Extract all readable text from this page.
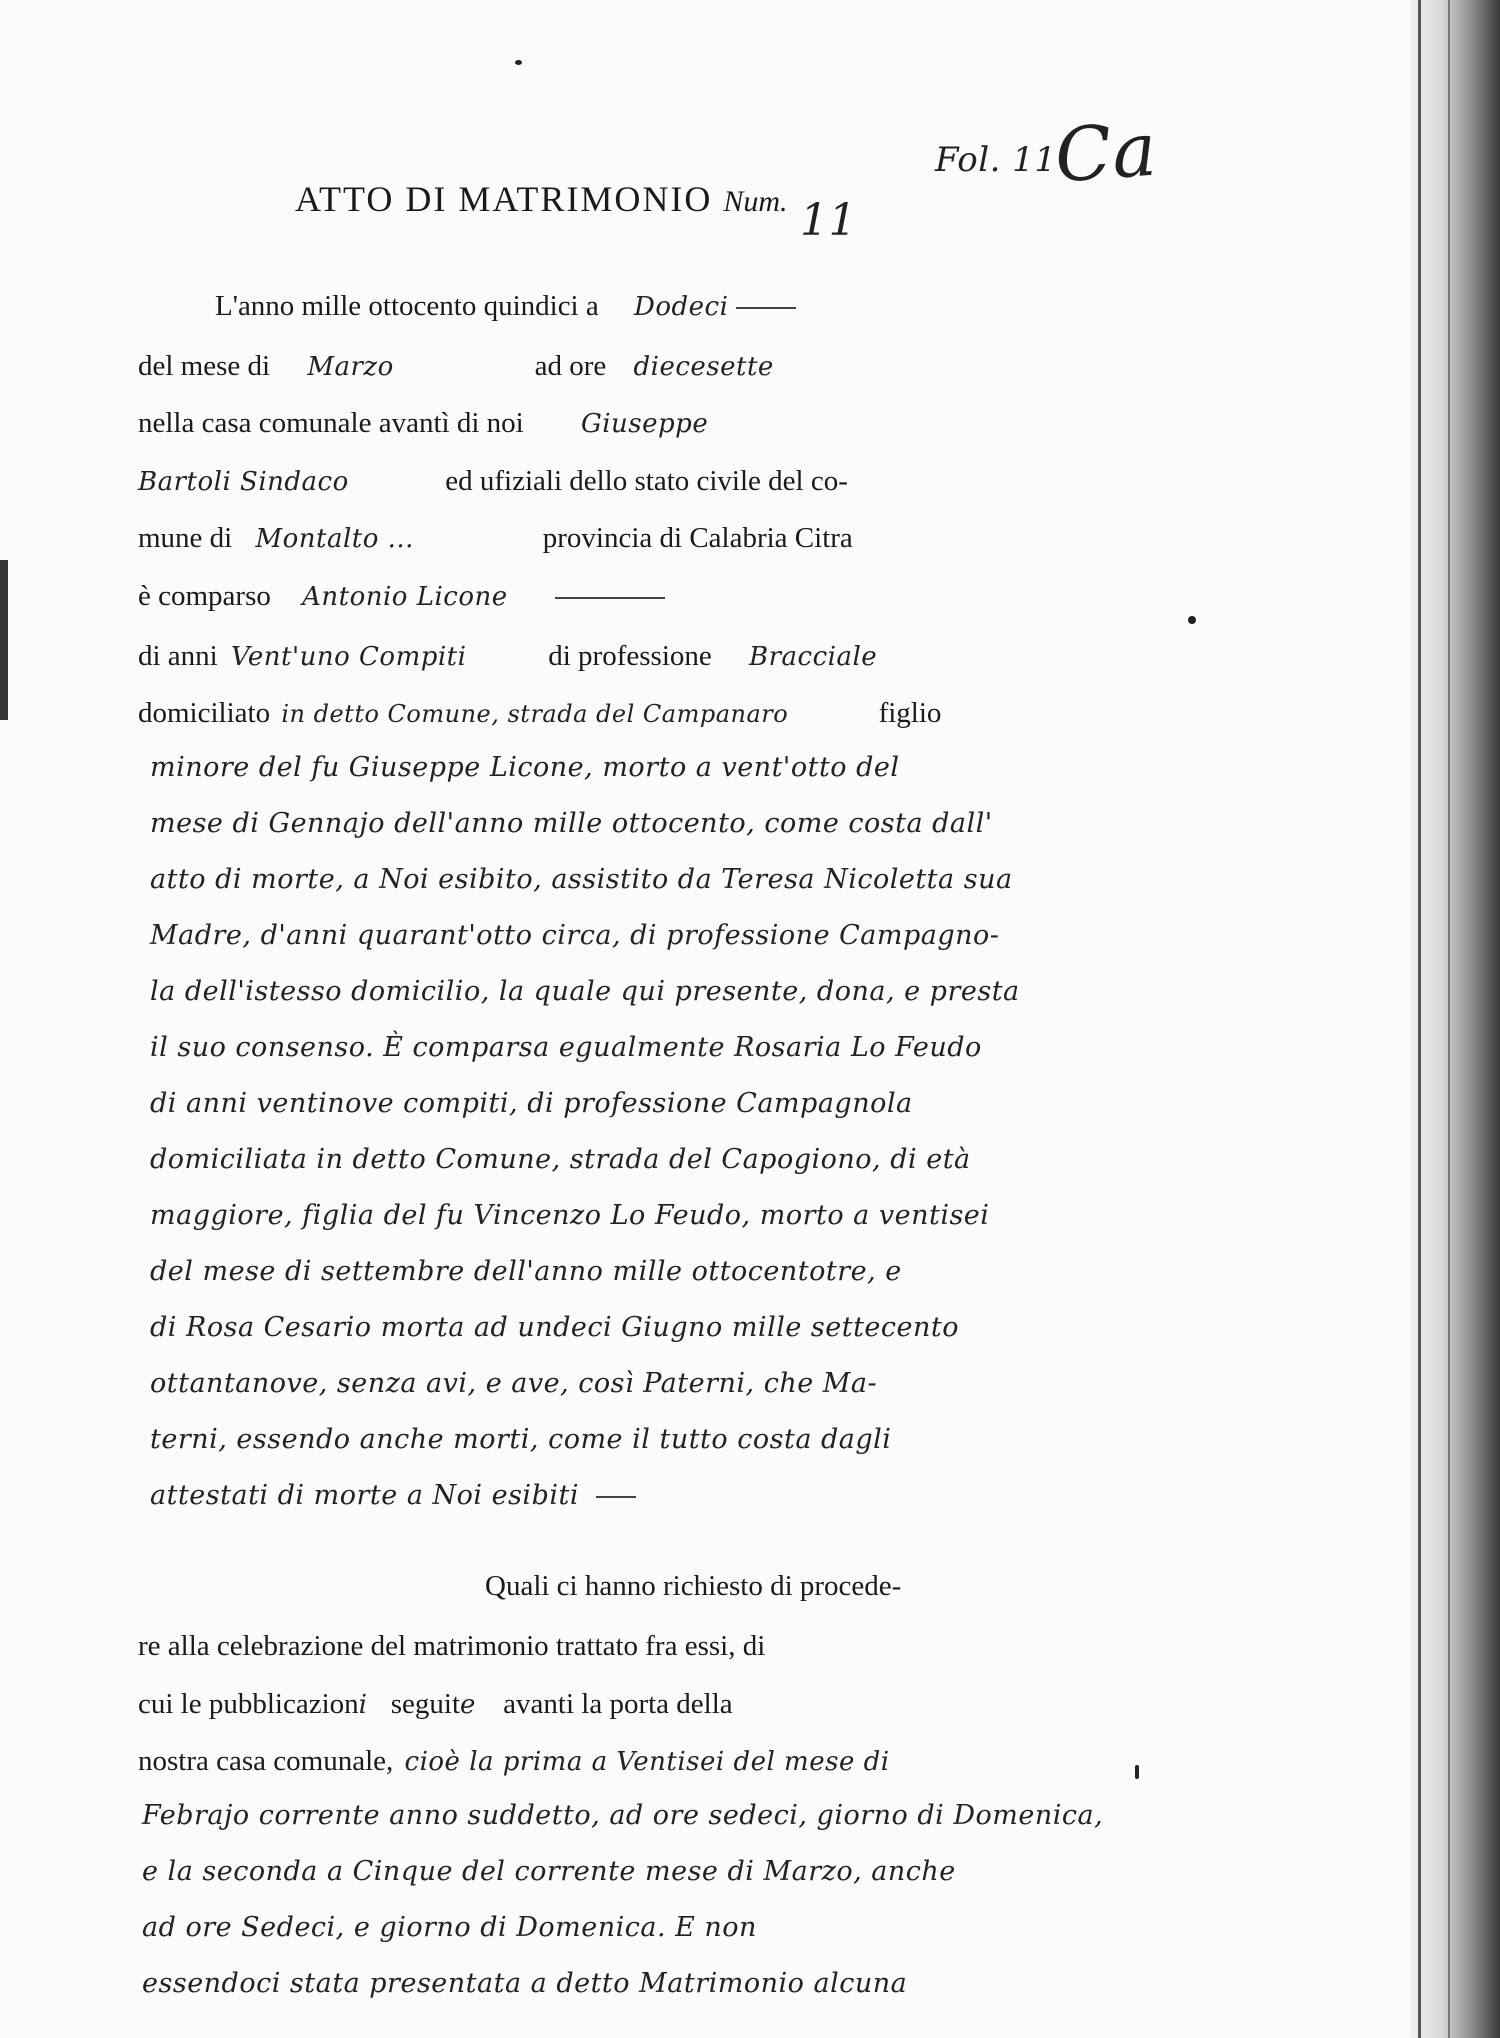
Fol. 11
Ca
ATTO DI MATRIMONIO Num. 11
L'anno mille ottocento quindici a Dodeci
del mese di Marzo	ad ore diecesette
nella casa comunale avantì di noi Giuseppe
Bartoli Sindaco	ed ufiziali dello stato civile del co-
mune di Montalto ...	provincia di Calabria Citra
è comparso Antonio Licone
di anni Vent'uno Compiti	di professione Bracciale
domiciliato in detto Comune, strada del Campanaro	figlio
minore del fu Giuseppe Licone, morto a vent'otto del
mese di Gennajo dell'anno mille ottocento, come costa dall'
atto di morte, a Noi esibito, assistito da Teresa Nicoletta sua
Madre, d'anni quarant'otto circa, di professione Campagno-
la dell'istesso domicilio, la quale qui presente, dona, e presta
il suo consenso. È comparsa egualmente Rosaria Lo Feudo
di anni ventinove compiti, di professione Campagnola
domiciliata in detto Comune, strada del Capogiono, di età
maggiore, figlia del fu Vincenzo Lo Feudo, morto a ventisei
del mese di settembre dell'anno mille ottocentotre, e
di Rosa Cesario morta ad undeci Giugno mille settecento
ottantanove, senza avi, e ave, così Paterni, che Ma-
terni, essendo anche morti, come il tutto costa dagli
attestati di morte a Noi esibiti
Quali ci hanno richiesto di procede-
re alla celebrazione del matrimonio trattato fra essi, di
cui le pubblicazioni seguite avanti la porta della
nostra casa comunale, cioè la prima a Ventisei del mese di
Febrajo corrente anno suddetto, ad ore sedeci, giorno di Domenica,
e la seconda a Cinque del corrente mese di Marzo, anche
ad ore Sedeci, e giorno di Domenica. E non
essendoci stata presentata a detto Matrimonio alcuna
